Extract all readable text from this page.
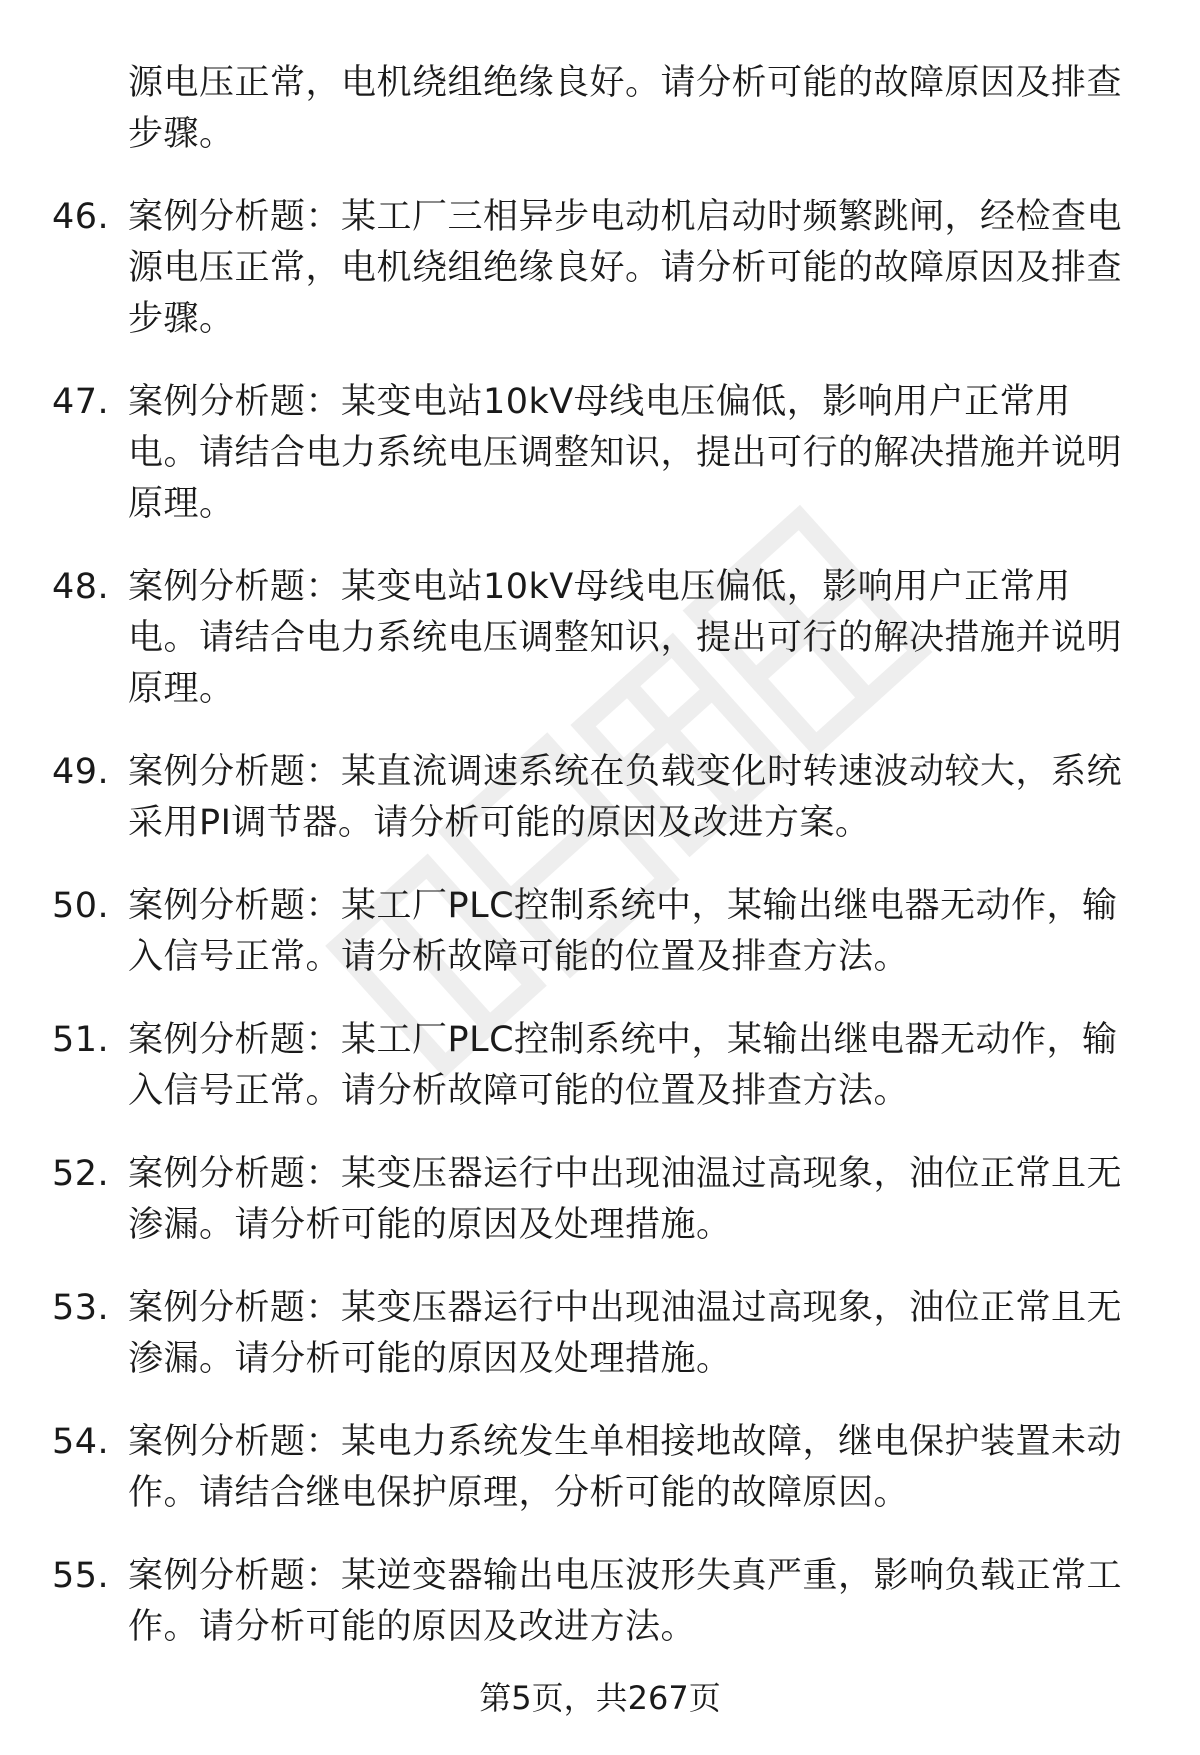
源电压正常，电机绕组绝缘良好。请分析可能的故障原因及排查步骤。
46. 案例分析题：某工厂三相异步电动机启动时频繁跳闸，经检查电源电压正常，电机绕组绝缘良好。请分析可能的故障原因及排查步骤。
47. 案例分析题：某变电站10kV母线电压偏低，影响用户正常用电。请结合电力系统电压调整知识，提出可行的解决措施并说明原理。
48. 案例分析题：某变电站10kV母线电压偏低，影响用户正常用电。请结合电力系统电压调整知识，提出可行的解决措施并说明原理。
49. 案例分析题：某直流调速系统在负载变化时转速波动较大，系统采用PI调节器。请分析可能的原因及改进方案。
50. 案例分析题：某工厂PLC控制系统中，某输出继电器无动作，输入信号正常。请分析故障可能的位置及排查方法。
51. 案例分析题：某工厂PLC控制系统中，某输出继电器无动作，输入信号正常。请分析故障可能的位置及排查方法。
52. 案例分析题：某变压器运行中出现油温过高现象，油位正常且无渗漏。请分析可能的原因及处理措施。
53. 案例分析题：某变压器运行中出现油温过高现象，油位正常且无渗漏。请分析可能的原因及处理措施。
54. 案例分析题：某电力系统发生单相接地故障，继电保护装置未动作。请结合继电保护原理，分析可能的故障原因。
55. 案例分析题：某逆变器输出电压波形失真严重，影响负载正常工作。请分析可能的原因及改进方法。
第5页，共267页
